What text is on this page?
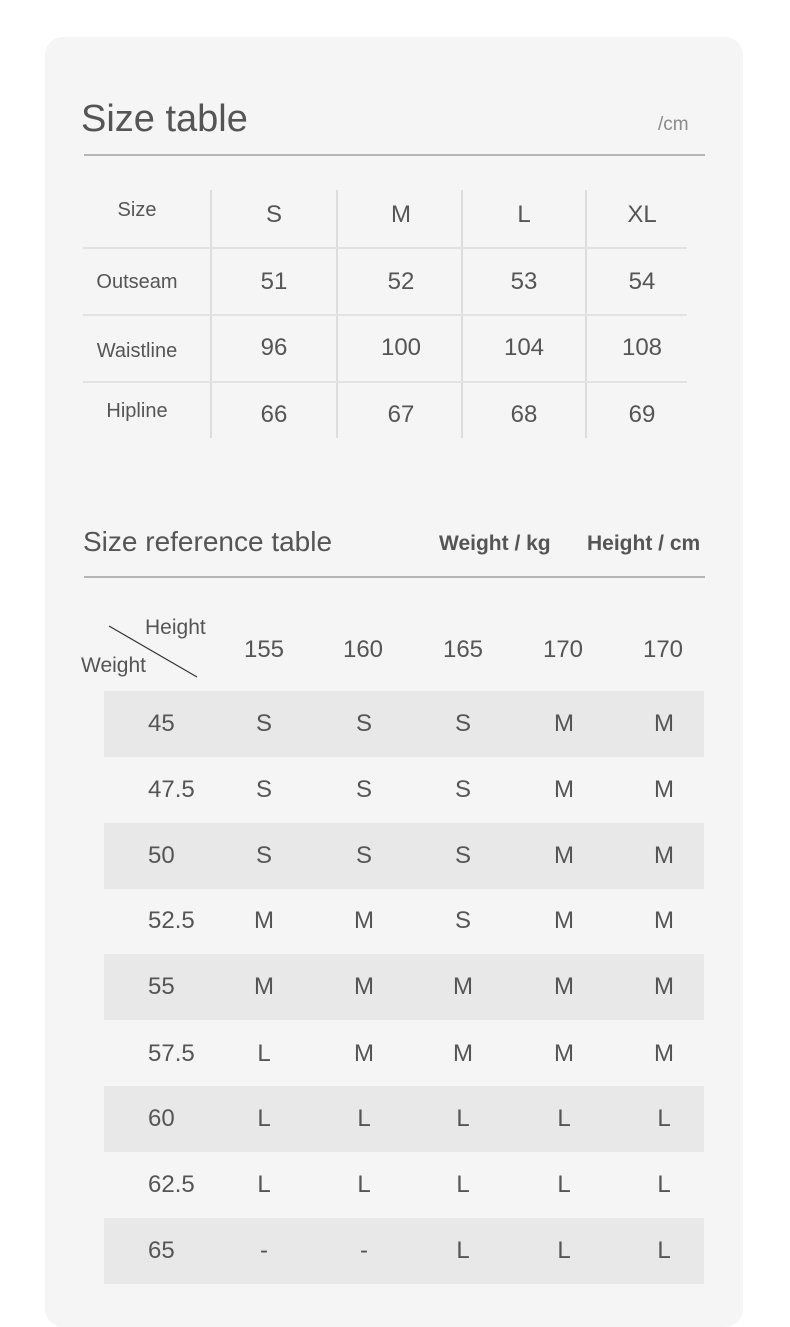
Size table	/cm
Size	S	M	L	XL
Outseam	51	52	53	54
Waistline	96	100	104	108
Hipline	66	67	68	69
Size reference table	Weight / kg Height / cm
Height
Weight
155	160	165	170	170
45	S	S	S	M	M
47.5	S	S	S	M	M
50	S	S	S	M	M
52.5	M	M	S	M	M
55	M	M	M	M	M
57.5	L	M	M	M	M
60	L	L	L	L	L
62.5	L	L	L	L	L
65	-	-	L	L	L
